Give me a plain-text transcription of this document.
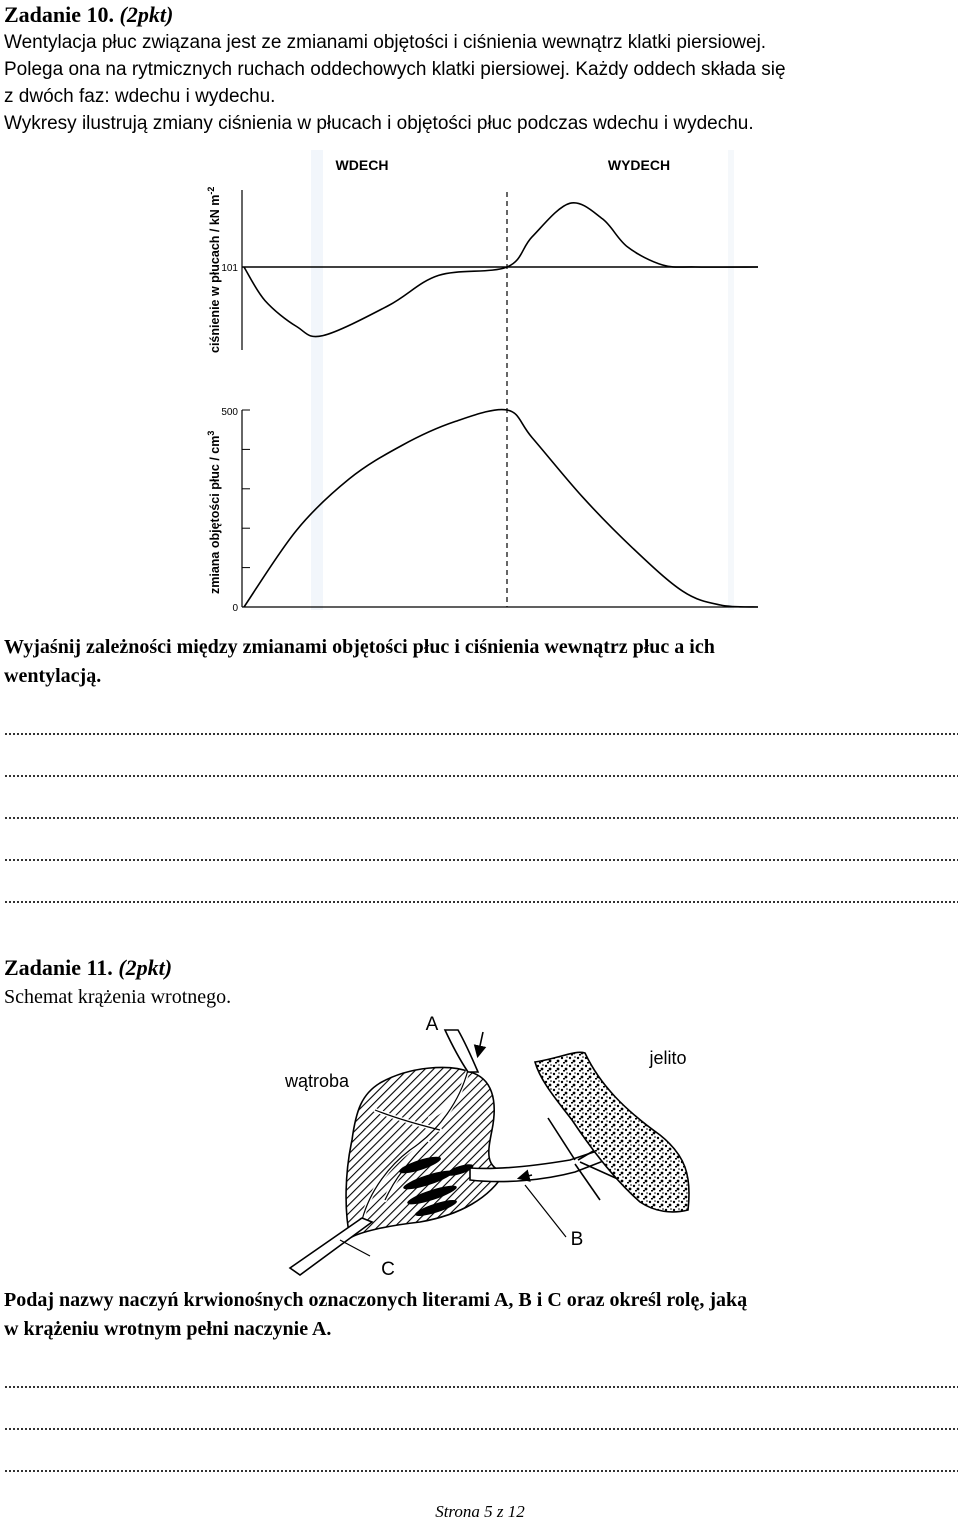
Zadanie 10. (2pkt)

Wentylacja płuc związana jest ze zmianami objętości i ciśnienia wewnątrz klatki piersiowej.

Polega ona na rytmicznych ruchach oddechowych klatki piersiowej. Każdy oddech składa się

z dwóch faz: wdechu i wydechu.

Wykresy ilustrują zmiany ciśnienia w płucach i objętości płuc podczas wdechu i wydechu.

WDECH	WYDECH
101
ciśnienie w płucach / kN $m^{-2}$
500
0
zmiana objętości płuc / $cm^3$

Wyjaśnij zależności między zmianami objętości płuc i ciśnienia wewnątrz płuc a ich

wentylacją.

Zadanie 11. (2pkt)

Schemat krążenia wrotnego.

A
B
jelito
C
wątroba

Podaj nazwy naczyń krwionośnych oznaczonych literami A, B i C oraz określ rolę, jaką

w krążeniu wrotnym pełni naczynie A.

Strona 5 z 12
